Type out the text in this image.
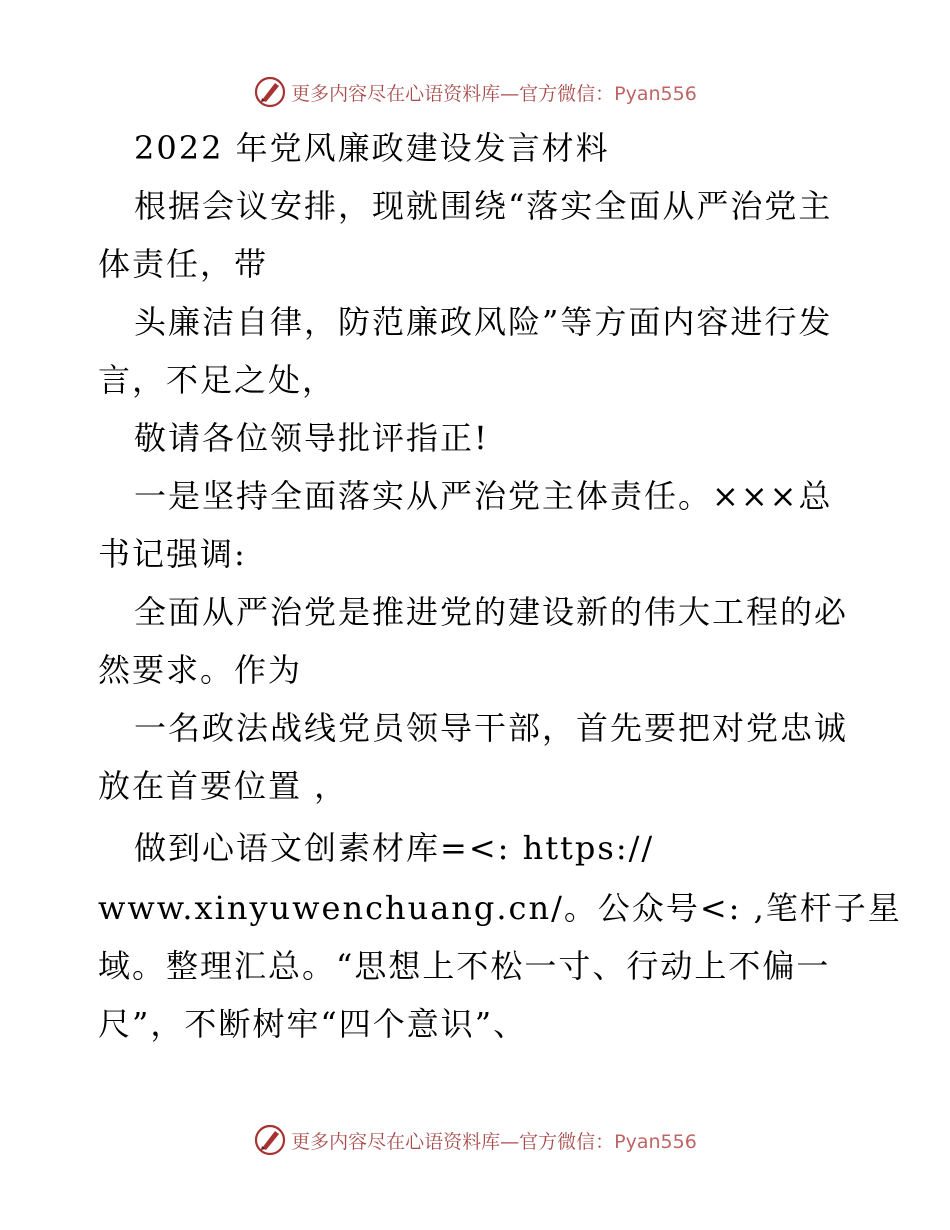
更多内容尽在心语资料库—官方微信：Pyan556
2022 年党风廉政建设发言材料
根据会议安排，现就围绕“落实全面从严治党主
体责任，带
头廉洁自律，防范廉政风险”等方面内容进行发
言，不足之处，
敬请各位领导批评指正!
一是坚持全面落实从严治党主体责任。×××总
书记强调:
全面从严治党是推进党的建设新的伟大工程的必
然要求。作为
一名政法战线党员领导干部，首先要把对党忠诚
放在首要位置 ，
做到心语文创素材库=<: https://
www.xinyuwenchuang.cn/。公众号<: ,笔杆子星
域。整理汇总。“思想上不松一寸、行动上不偏一
尺”，不断树牢“四个意识”、
更多内容尽在心语资料库—官方微信：Pyan556
